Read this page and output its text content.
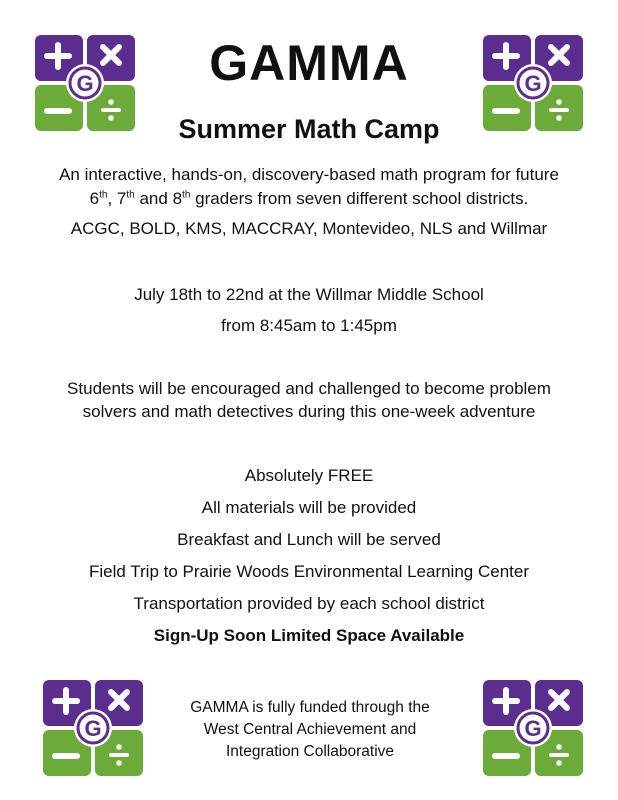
G	G
G	G
GAMMA
Summer Math Camp
An interactive, hands-on, discovery-based math program for future
6th, 7th and 8th graders from seven different school districts.
ACGC, BOLD, KMS, MACCRAY, Montevideo, NLS and Willmar
July 18th to 22nd at the Willmar Middle School
from 8:45am to 1:45pm
Students will be encouraged and challenged to become problem
solvers and math detectives during this one-week adventure
Absolutely FREE
All materials will be provided
Breakfast and Lunch will be served
Field Trip to Prairie Woods Environmental Learning Center
Transportation provided by each school district
Sign-Up Soon Limited Space Available
GAMMA is fully funded through the
West Central Achievement and
Integration Collaborative
